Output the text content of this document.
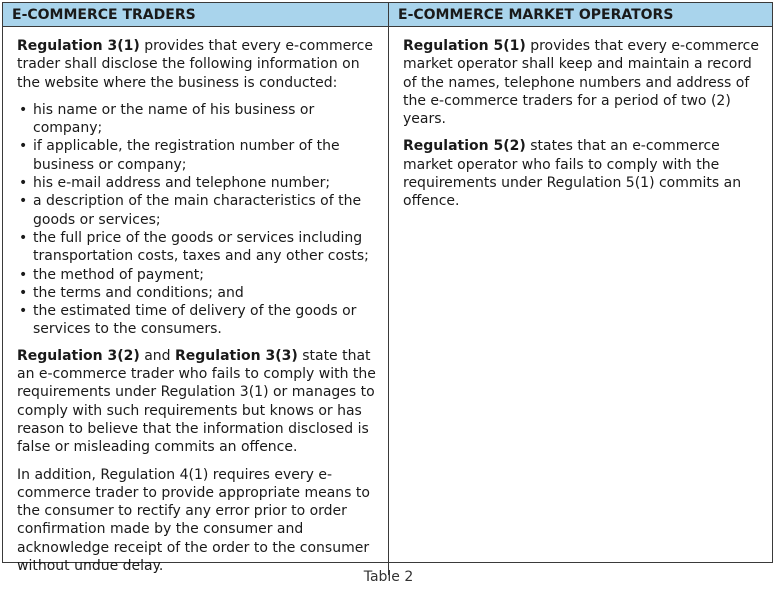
E-COMMERCE TRADERS	E-COMMERCE MARKET OPERATORS

Regulation 3(1) provides that every e-commerce trader shall disclose the following information on the website where the business is conducted:

• his name or the name of his business or company;
• if applicable, the registration number of the business or company;
• his e-mail address and telephone number;
• a description of the main characteristics of the goods or services;
• the full price of the goods or services including transportation costs, taxes and any other costs;
• the method of payment;
• the terms and conditions; and
• the estimated time of delivery of the goods or services to the consumers.

Regulation 3(2) and Regulation 3(3) state that an e-commerce trader who fails to comply with the requirements under Regulation 3(1) or manages to comply with such requirements but knows or has reason to believe that the information disclosed is false or misleading commits an offence.

In addition, Regulation 4(1) requires every e-commerce trader to provide appropriate means to the consumer to rectify any error prior to order confirmation made by the consumer and acknowledge receipt of the order to the consumer without undue delay.

Regulation 5(1) provides that every e-commerce market operator shall keep and maintain a record of the names, telephone numbers and address of the e-commerce traders for a period of two (2) years.

Regulation 5(2) states that an e-commerce market operator who fails to comply with the requirements under Regulation 5(1) commits an offence.

Table 2
